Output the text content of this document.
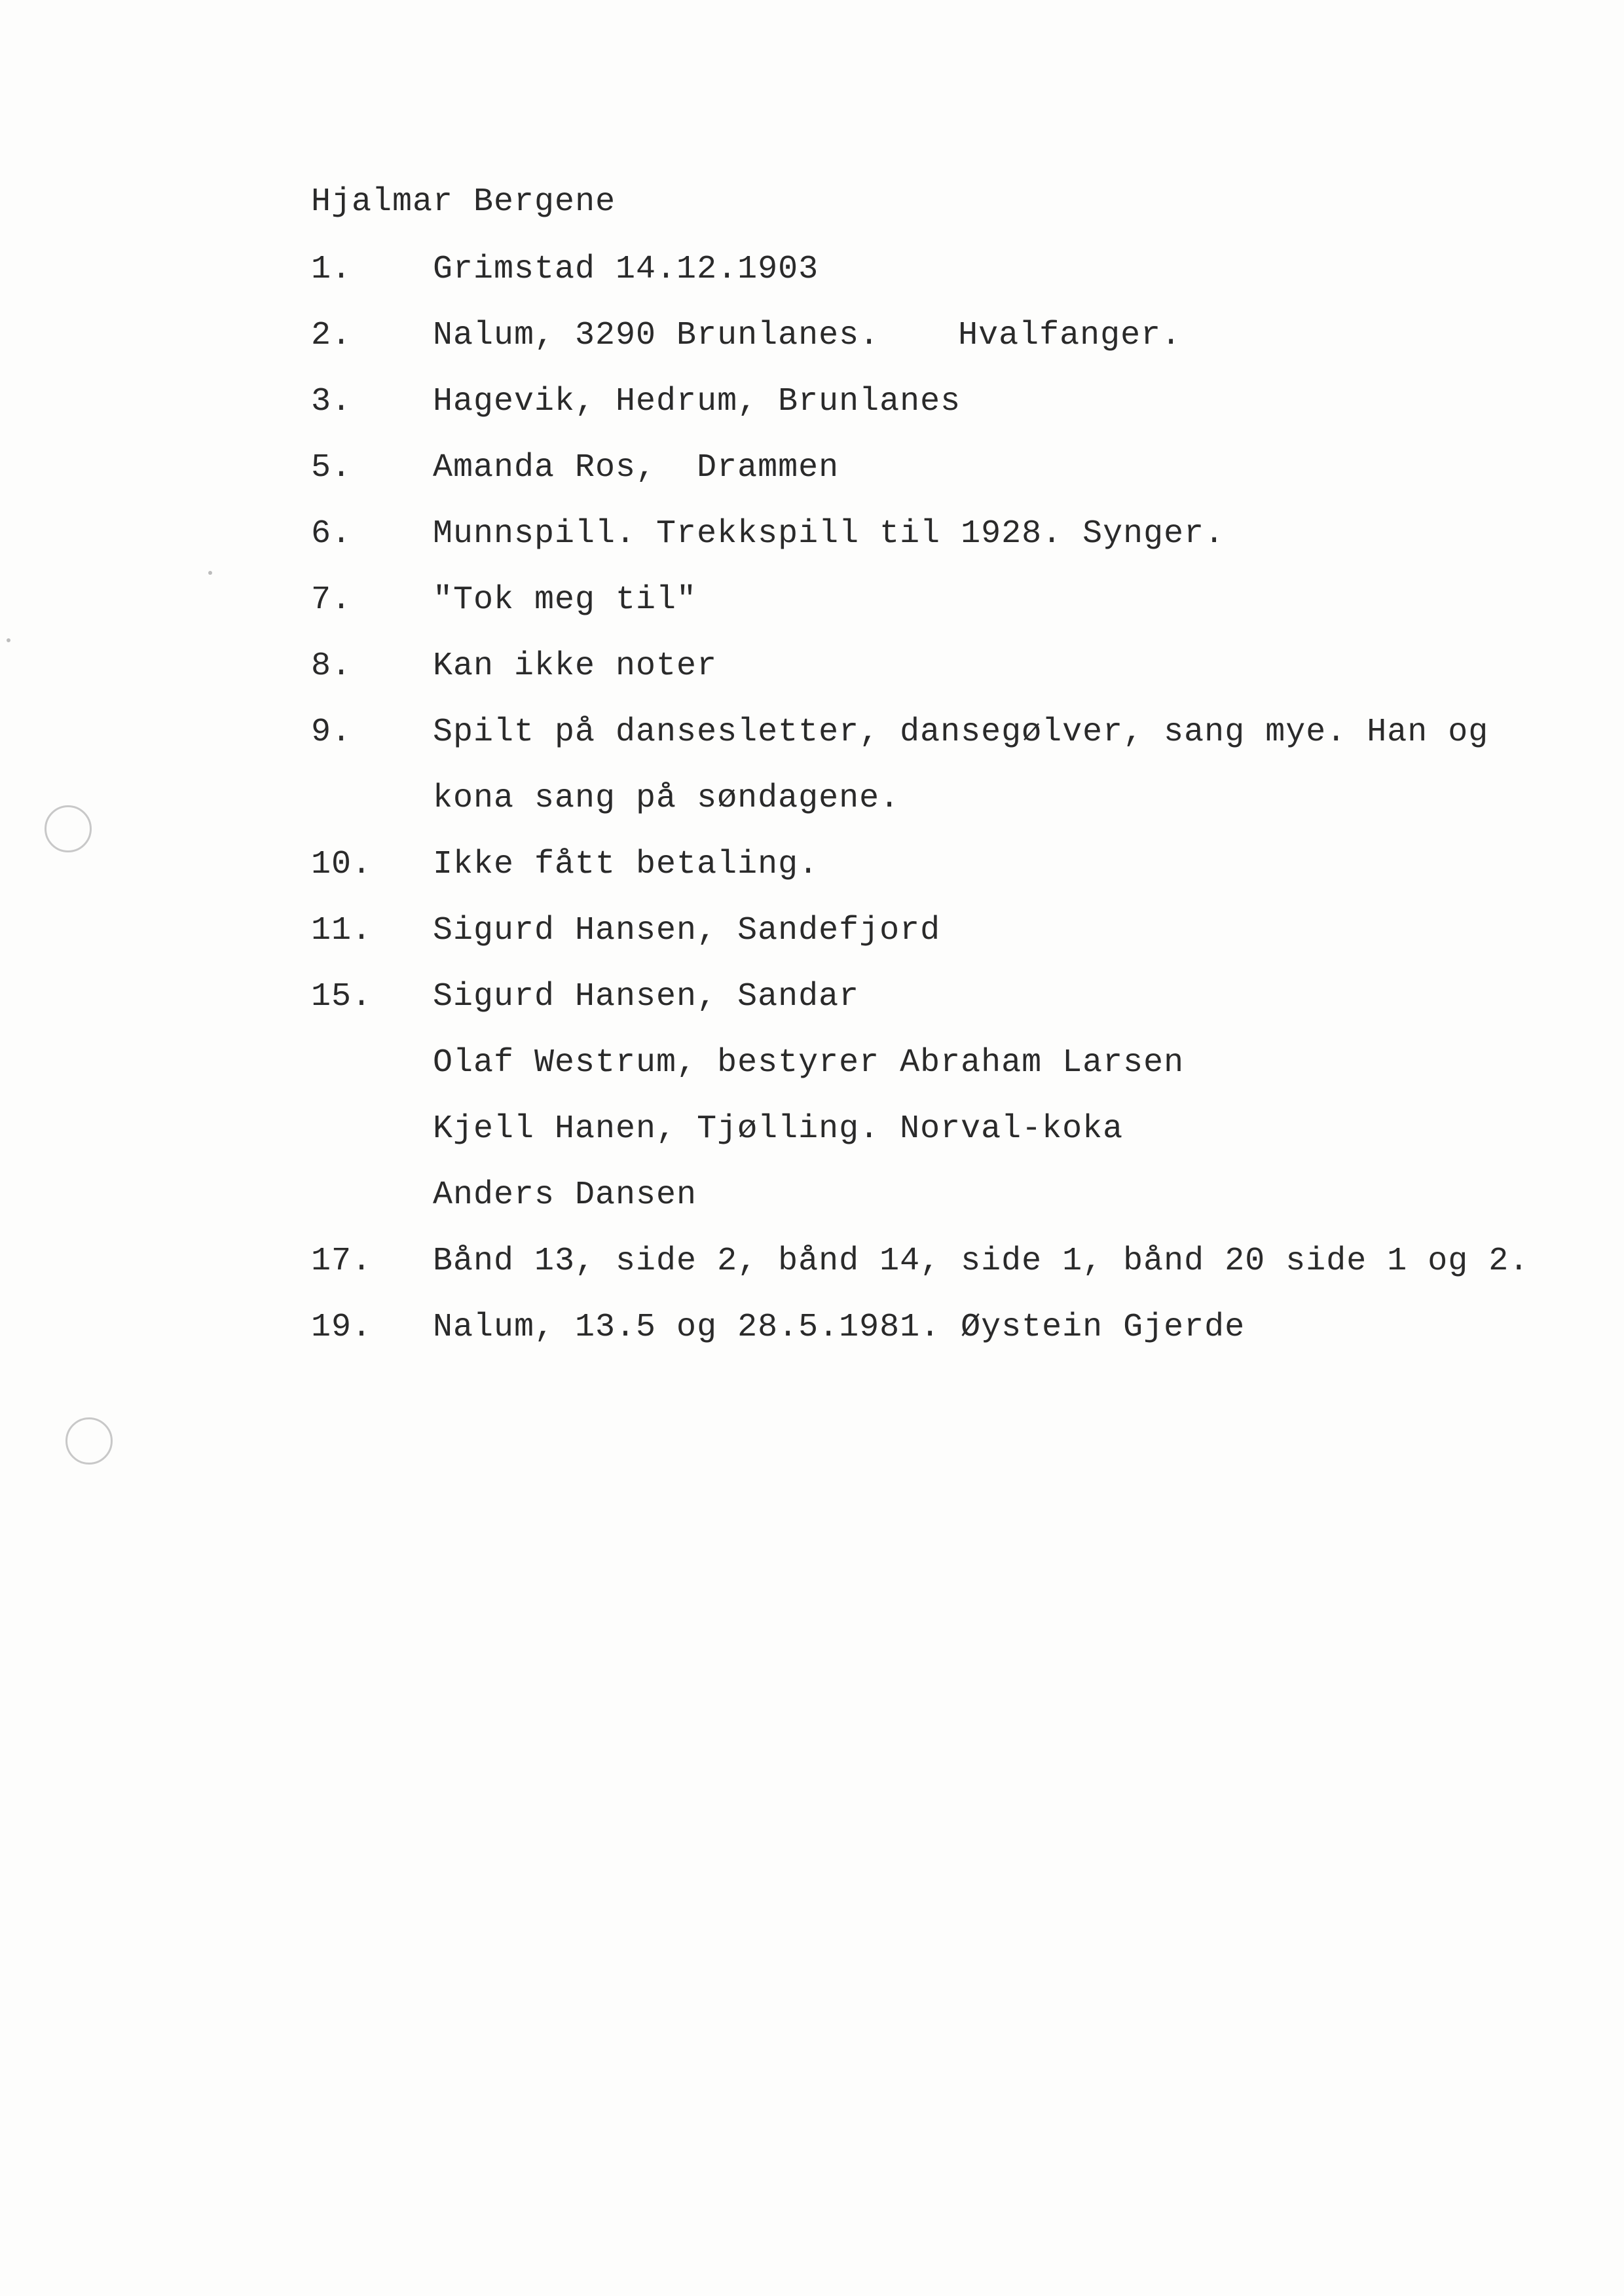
Hjalmar Bergene
1. Grimstad 14.12.1903
2. Nalum, 3290 Brunlanes. Hvalfanger.
3. Hagevik, Hedrum, Brunlanes
5. Amanda Ros,  Drammen
6. Munnspill. Trekkspill til 1928. Synger.
7. "Tok meg til"
8. Kan ikke noter
9. Spilt på dansesletter, dansegølver, sang mye. Han og
kona sang på søndagene.
10. Ikke fått betaling.
11. Sigurd Hansen, Sandefjord
15. Sigurd Hansen, Sandar
Olaf Westrum, bestyrer Abraham Larsen
Kjell Hanen, Tjølling. Norval-koka
Anders Dansen
17. Bånd 13, side 2, bånd 14, side 1, bånd 20 side 1 og 2.
19. Nalum, 13.5 og 28.5.1981. Øystein Gjerde
